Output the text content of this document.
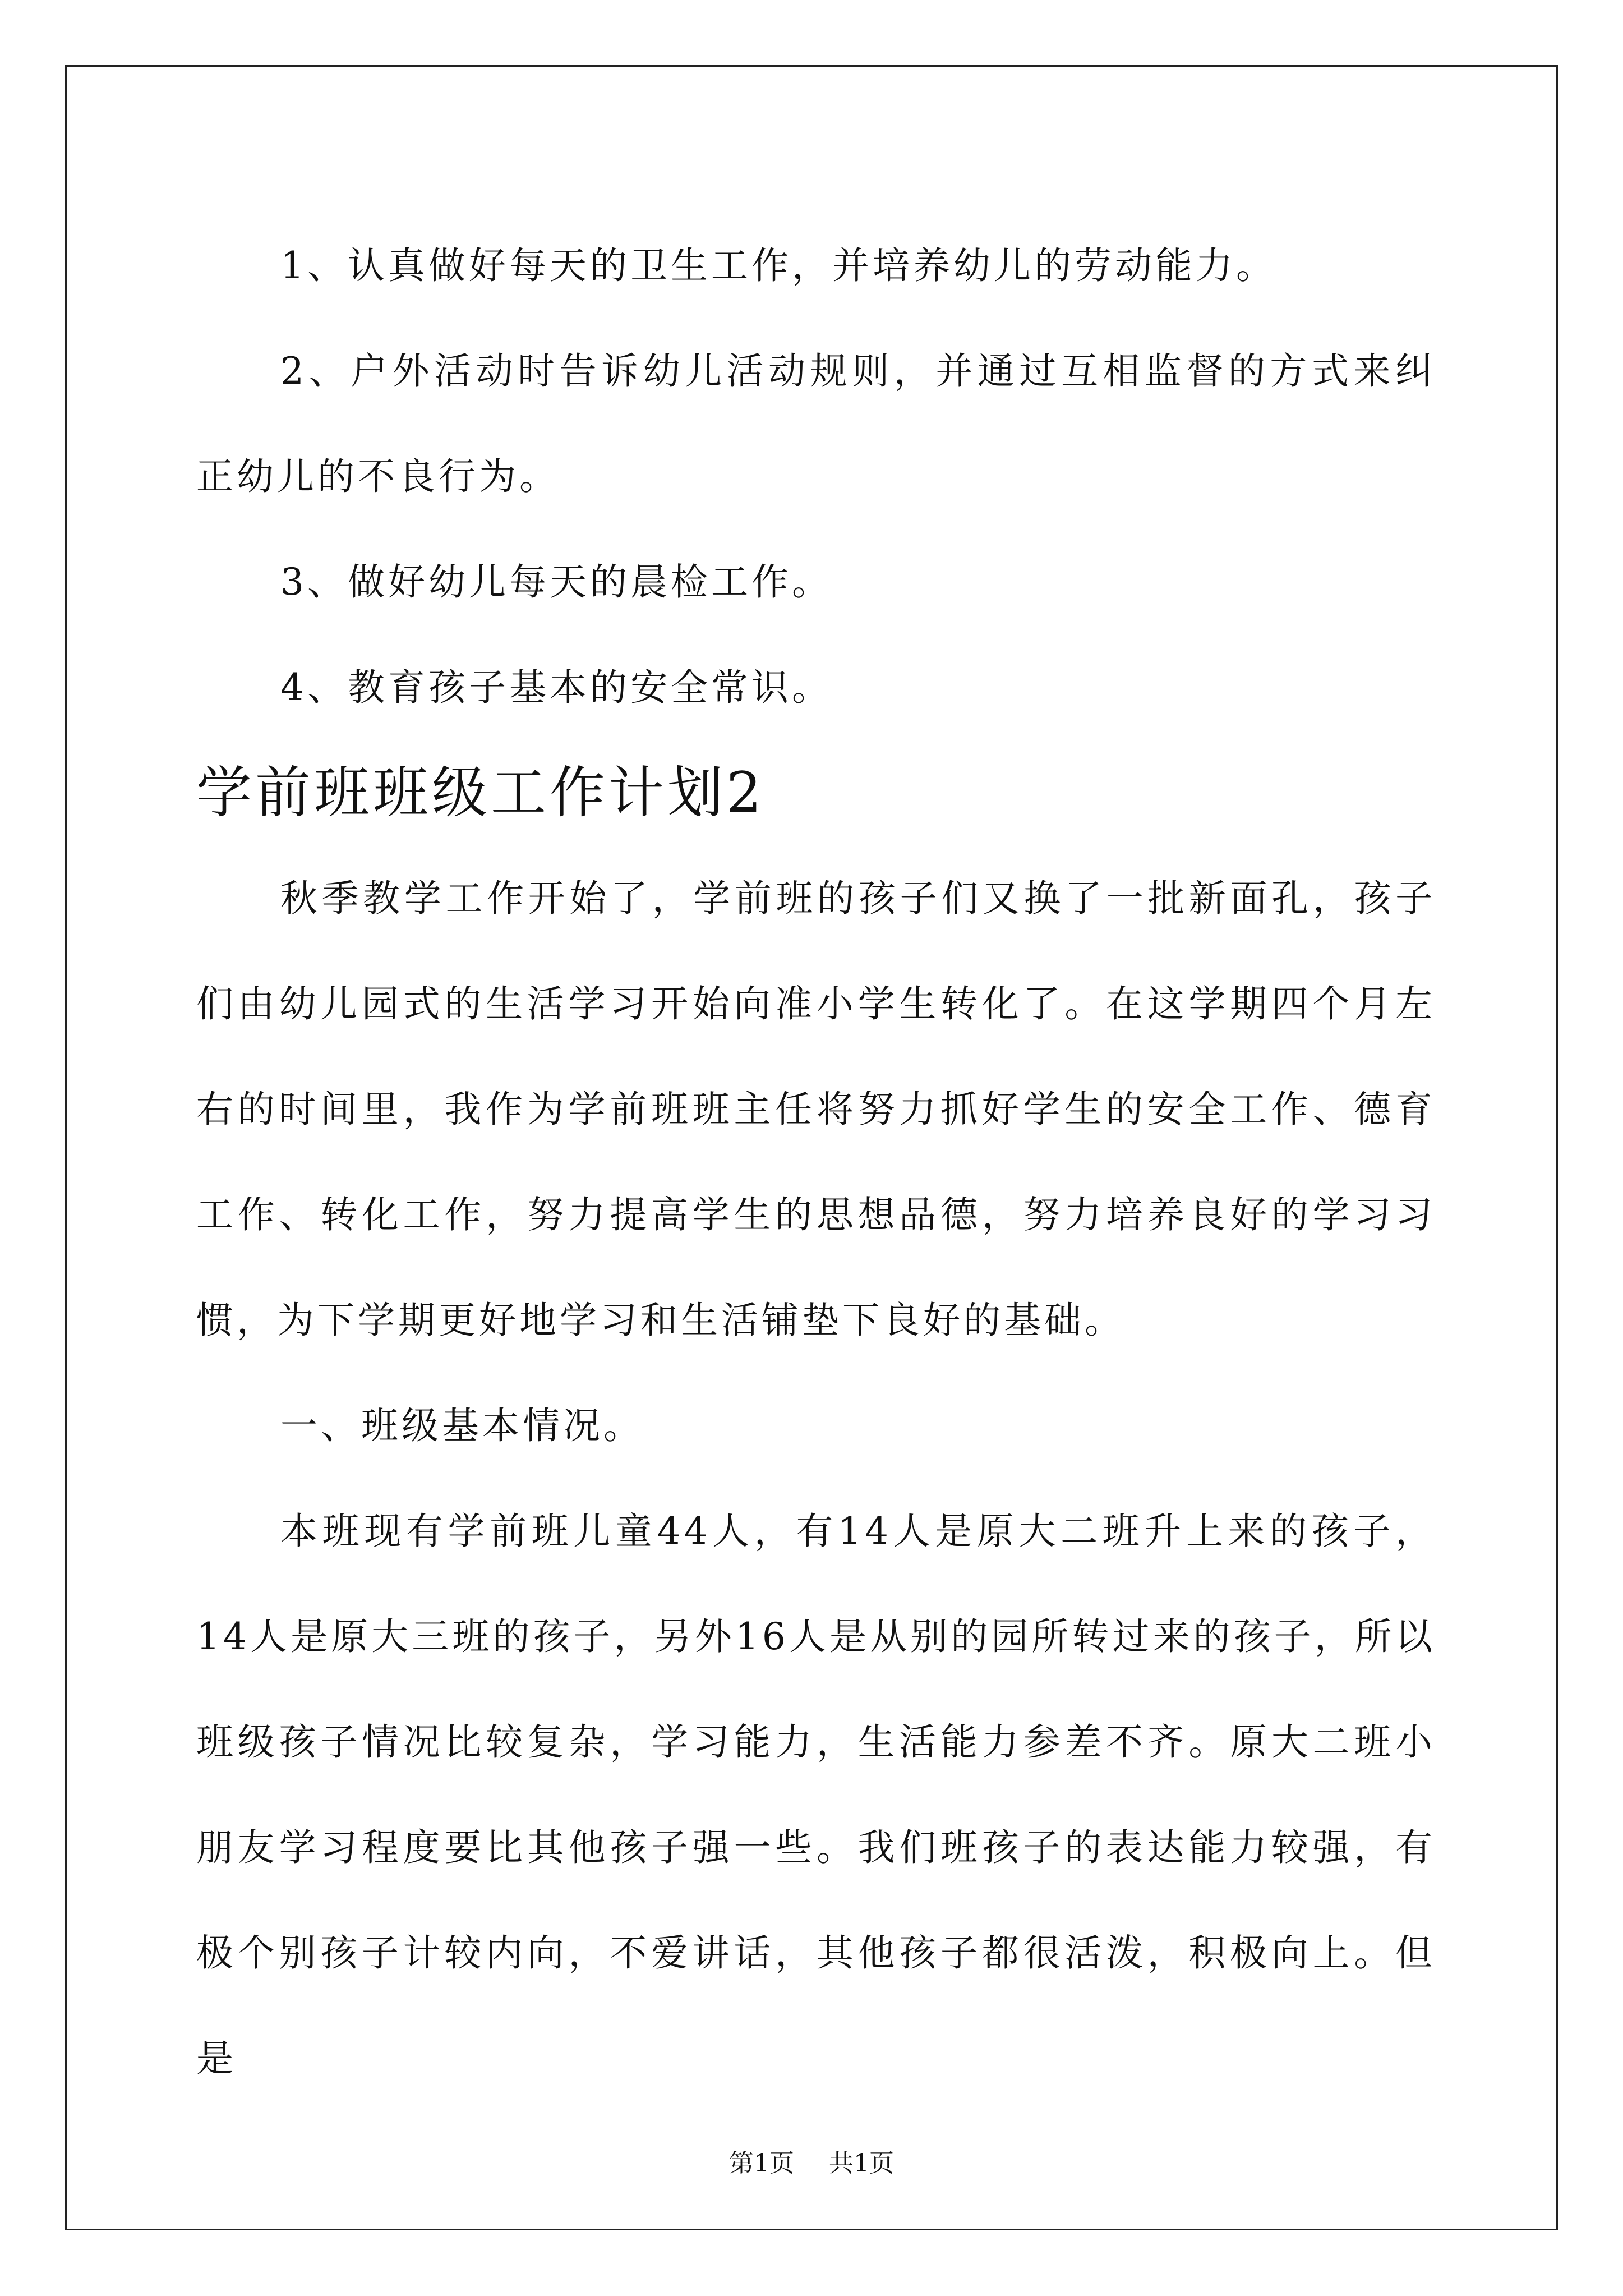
1、认真做好每天的卫生工作，并培养幼儿的劳动能力。

2、户外活动时告诉幼儿活动规则，并通过互相监督的方式来纠正幼儿的不良行为。

3、做好幼儿每天的晨检工作。

4、教育孩子基本的安全常识。

学前班班级工作计划2

秋季教学工作开始了，学前班的孩子们又换了一批新面孔，孩子们由幼儿园式的生活学习开始向准小学生转化了。在这学期四个月左右的时间里，我作为学前班班主任将努力抓好学生的安全工作、德育工作、转化工作，努力提高学生的思想品德，努力培养良好的学习习惯，为下学期更好地学习和生活铺垫下良好的基础。

一、班级基本情况。

本班现有学前班儿童44人，有14人是原大二班升上来的孩子，14人是原大三班的孩子，另外16人是从别的园所转过来的孩子，所以班级孩子情况比较复杂，学习能力，生活能力参差不齐。原大二班小朋友学习程度要比其他孩子强一些。我们班孩子的表达能力较强，有极个别孩子计较内向，不爱讲话，其他孩子都很活泼，积极向上。但是

第1页 共1页
